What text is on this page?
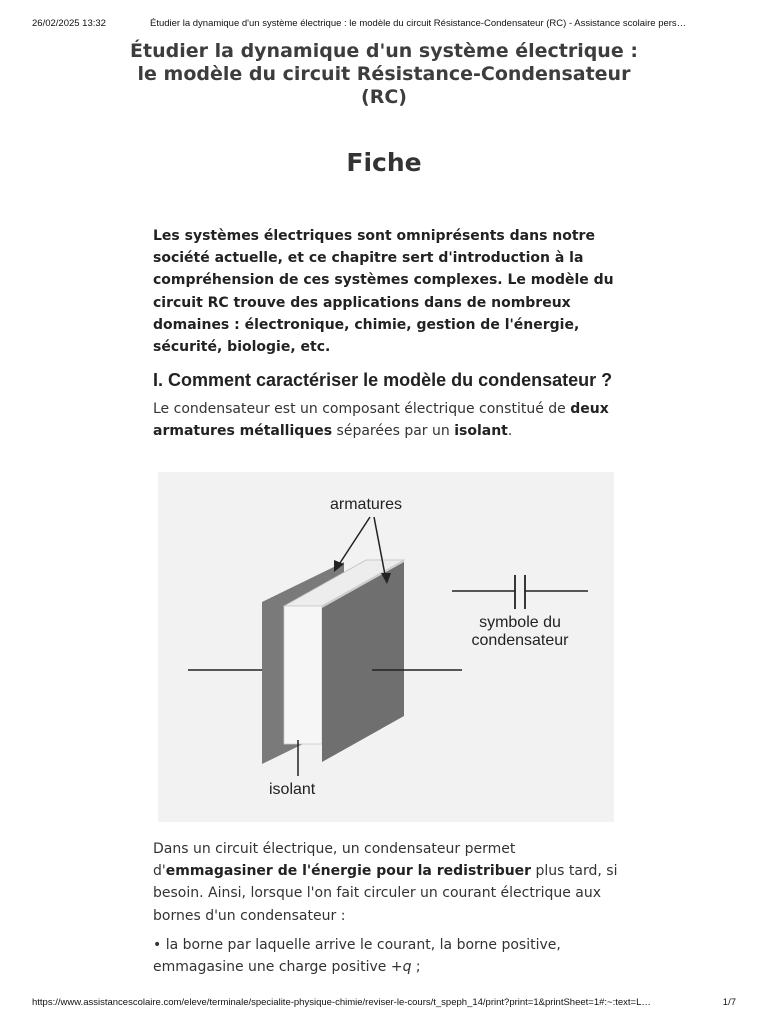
26/02/2025 13:32	Étudier la dynamique d'un système électrique : le modèle du circuit Résistance-Condensateur (RC) - Assistance scolaire pers…
Étudier la dynamique d'un système électrique : le modèle du circuit Résistance-Condensateur (RC)
Fiche

Les systèmes électriques sont omniprésents dans notre société actuelle, et ce chapitre sert d'introduction à la compréhension de ces systèmes complexes. Le modèle du circuit RC trouve des applications dans de nombreux domaines : électronique, chimie, gestion de l'énergie, sécurité, biologie, etc.

I. Comment caractériser le modèle du condensateur ?

Le condensateur est un composant électrique constitué de deux armatures métalliques séparées par un isolant.

armatures
symbole du
condensateur
isolant

Dans un circuit électrique, un condensateur permet d'emmagasiner de l'énergie pour la redistribuer plus tard, si besoin. Ainsi, lorsque l'on fait circuler un courant électrique aux bornes d'un condensateur :

• la borne par laquelle arrive le courant, la borne positive, emmagasine une charge positive +q ;

https://www.assistancescolaire.com/eleve/terminale/specialite-physique-chimie/reviser-le-cours/t_speph_14/print?print=1&printSheet=1#:~:text=L…	1/7
